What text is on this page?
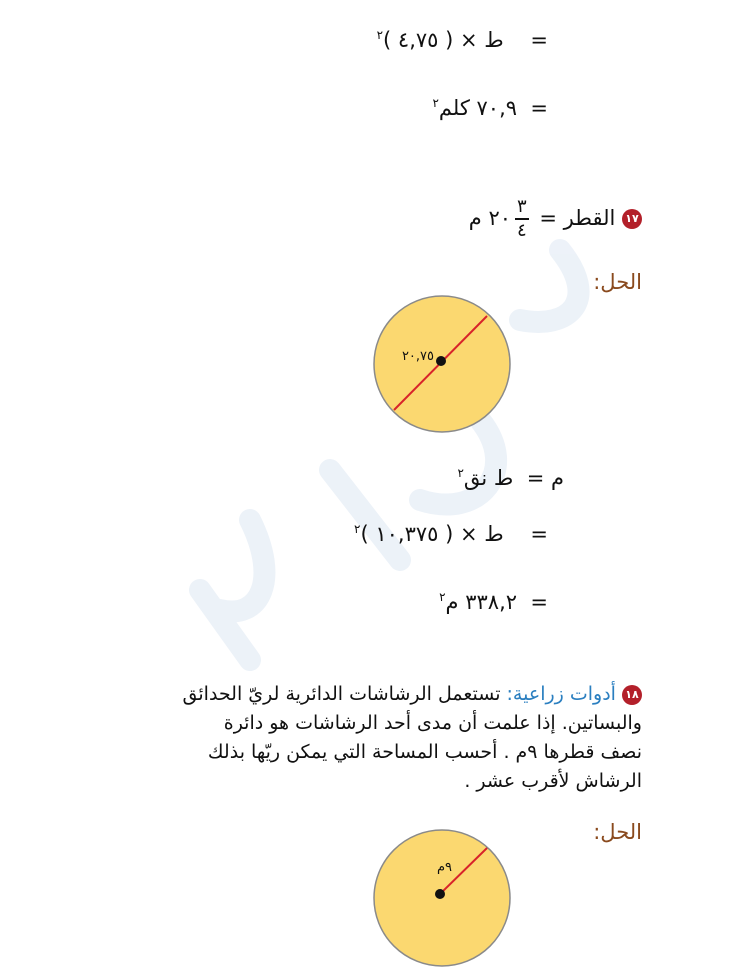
=    ط × ( ٤,٧٥ )$^٢$
=  ٧٠,٩ كلم$^٢$
١٧ القطر =
$\frac{٣}{٤}$
٢٠ م
الحل:
٢٠,٧٥
م =  ط نق$^٢$
=    ط × ( ١٠,٣٧٥ )$^٢$
=  ٣٣٨,٢ م$^٢$
١٨ أدوات زراعية: تستعمل الرشاشات الدائرية لريّ الحدائق
والبساتين. إذا علمت أن مدى أحد الرشاشات هو دائرة
نصف قطرها ٩م . أحسب المساحة التي يمكن ريّها بذلك
الرشاش لأقرب عشر .
الحل:
٩م
